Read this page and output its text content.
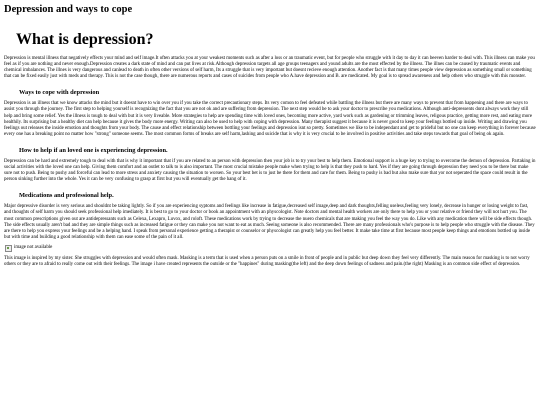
Depression and ways to cope
What is depression?

Depression is mental illness that negatively effects your mind and self image.It often attacks you at your weakest moments such as after a loss or an traumatic event, but for people who struggle with it day to day it can beeven harder to deal with. This illness can make you feel as if you are nothing and never enough.Depression creates a dark state of mind and can put lives at risk.Although depression targets all age groups teenagers and yound adults are the most effected by the illness. The illnes can be caused by traumatic events and chemical imbalances. The illnes is very dangerous and canlead to death in often other versions of self harm, Its a struggle that is very important but doesnt recieve enough attention. Another fact is that many times people view depression as something small or something that can be fixed easily just with meds and therapy. This is not the case though, there are numerous reports and cases of suicides from people who A.have depression and B. are medicated. My goal is to spread awareness and help others who struggle with this monster.

Ways to cope with depression

Depression is an illness that we know attacks the mind but it doesnt have to win over you if you take the correct precautionary steps. Its very comon to feel defeated while battling the illness but there are many ways to prevent that from happening and there are ways to assist you through the journey. The first step to helping yourself is recognizing the fact that you are not ok and are suffering from depression. The next step would be to ask your doctor to prescribe you medications. Although anti-depressents dont always work they still help and bring some relief. Yes the illness is tough to deal with but it is very liveable. More strategies to help are spending time with loved ones, becoming more active, yard work such as gardening or trimming leaves, religous practice, getting more rest, and eating more healthily. Its surprising but a healthy diet can help because it gives the body more energy. Writing can also be used to help with coping with depression. Many therapist suggest it because it is never good to keep your feelings bottled up inside. Writing and drawing you feelings out releases the inside emotion and thoughts from your body. The cause and effect relationship between bottling your feelings and depression isnt so pretty. Sometimes we like to be independant and get to prideful but no one can keep everything in forever because every one has a breaking point no matter how "strong" someone seems. The most common forms of breaks are self harm,lashing and suicide that is why it is very crucial to be involved in positive activities and take steps towards that goal of being ok again.

How to help if an loved one is experiencing depression.

Depression can be hard and extremely tough to deal with that is why it important that if you are related to an person with depression then your job is to try your best to help them. Emotional support is a huge key to trying to overcome the demon of depression. Partaking in social activities with the loved one can help. Giving them comfort and an outlet to talk to is also important. The most crucial mistake people make when trying to help is that they push to hard. Yes if they are going through depression they need you to be there but make sure not to push. Being to pushy and forceful can lead to more stress and anxiety causing the situation to worsen. So your best bet is to just be there for them and care for them. Being to pushy is bad but also make sure that yor not seperated the space could result in the person sinking further into the whole. Yes it can be very confusing to grasp at first but you will eventually get the hang of it.

Medications and professional help.

Major depressive disorder is very serious and shouldnt be taking lightly. So if you are experiencing syptoms and feelings like increase in fatigue,decreased self image,deep and dark thoughts,felling useless,feeling very lonely, decrease in hunger or losing weight to fast, and thoughts of self harm you should seek professional help imediately. It is best to go to your doctor or book an appointment with an physcologist. Note doctors and mental health workers are only there to help you or your relative or friend they will not hurt you. The most common prescriptions given out are antidepressants such as Celexa, Lexapro, Luvox, and roloft. These medications work by trying to decrease the nuero chemicals that are making you feel the way you do. Like with any medication there will be side effects though. The side effects usually aren't bad and they are simple things such as increased fatigue or they can make you not want to eat as much. Seeing someone is also recommended. There are many professionals who's purpose is to help people who struggle with the disease. They are there to help you express your feelings and be a helping hand. I speak from personal experience getting a therapist or counselor or physcologist can greatly help you feel better. It make take time at first because most people keep things and emotions bottled up inside but with time and building a good relationship with them can ease some of the pain of it all.

image not available

This image is inspired by my sister. She struggles with depression and would often mask. Masking is a term that is used when a person puts on a smile in front of people and in public but deep down they feel very differently. The main reason for masking is to not worry others or they are to afraid to really come out with their feelings. The image i have created represents the outside or the "happines" during masking(the left) and the deep down feelings of sadness and pain.(the right) Masking is an common side effect of depression.
